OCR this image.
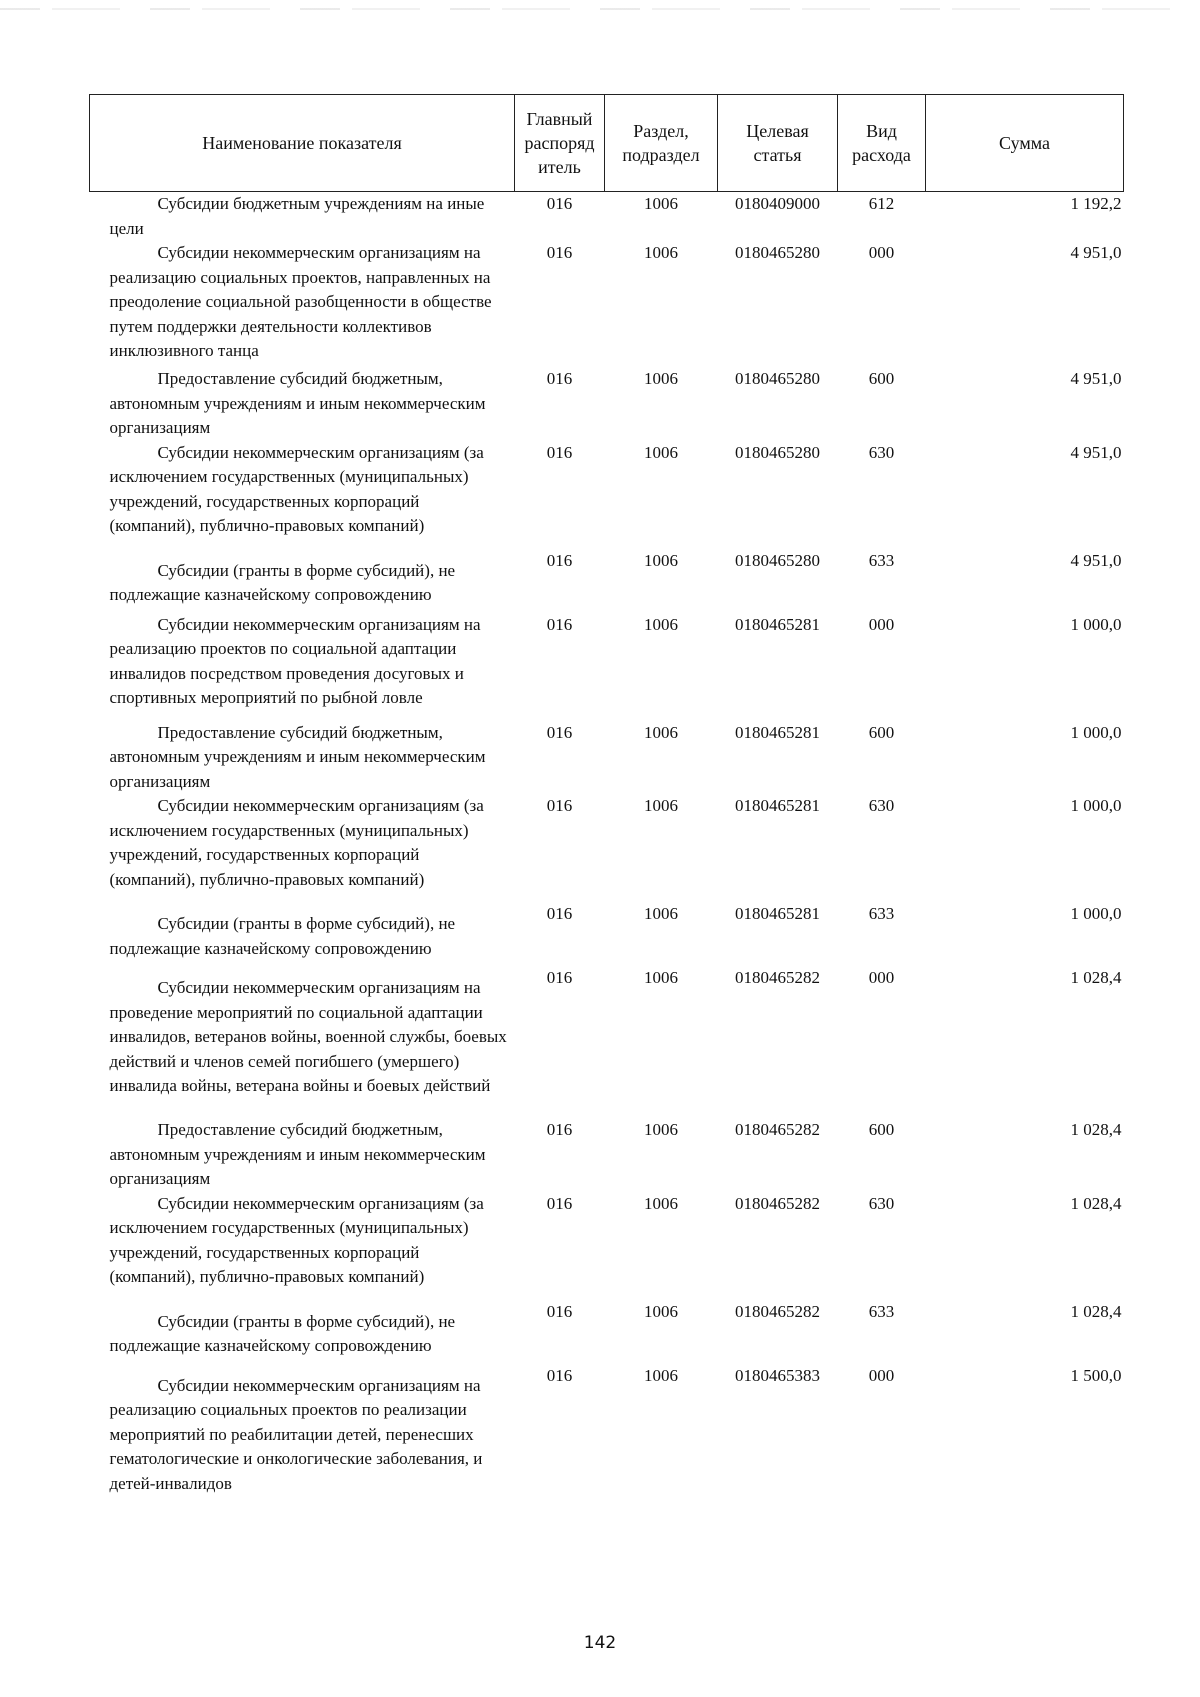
Наименование показателя	Главный распоряд итель	Раздел, подраздел	Целевая статья	Вид расхода	Сумма
Субсидии бюджетным учреждениям на иные цели	016	1006	0180409000	612	1 192,2
Субсидии некоммерческим организациям на реализацию социальных проектов, направленных на преодоление социальной разобщенности в обществе путем поддержки деятельности коллективов инклюзивного танца	016	1006	0180465280	000	4 951,0
Предоставление субсидий бюджетным, автономным учреждениям и иным некоммерческим организациям	016	1006	0180465280	600	4 951,0
Субсидии некоммерческим организациям (за исключением государственных (муниципальных) учреждений, государственных корпораций (компаний), публично-правовых компаний)	016	1006	0180465280	630	4 951,0
Субсидии (гранты в форме субсидий), не подлежащие казначейскому сопровождению	016	1006	0180465280	633	4 951,0
Субсидии некоммерческим организациям на реализацию проектов по социальной адаптации инвалидов посредством проведения досуговых и спортивных мероприятий по рыбной ловле	016	1006	0180465281	000	1 000,0
Предоставление субсидий бюджетным, автономным учреждениям и иным некоммерческим организациям	016	1006	0180465281	600	1 000,0
Субсидии некоммерческим организациям (за исключением государственных (муниципальных) учреждений, государственных корпораций (компаний), публично-правовых компаний)	016	1006	0180465281	630	1 000,0
Субсидии (гранты в форме субсидий), не подлежащие казначейскому сопровождению	016	1006	0180465281	633	1 000,0
Субсидии некоммерческим организациям на проведение мероприятий по социальной адаптации инвалидов, ветеранов войны, военной службы, боевых действий и членов семей погибшего (умершего) инвалида войны, ветерана войны и боевых действий	016	1006	0180465282	000	1 028,4
Предоставление субсидий бюджетным, автономным учреждениям и иным некоммерческим организациям	016	1006	0180465282	600	1 028,4
Субсидии некоммерческим организациям (за исключением государственных (муниципальных) учреждений, государственных корпораций (компаний), публично-правовых компаний)	016	1006	0180465282	630	1 028,4
Субсидии (гранты в форме субсидий), не подлежащие казначейскому сопровождению	016	1006	0180465282	633	1 028,4
Субсидии некоммерческим организациям на реализацию социальных проектов по реализации мероприятий по реабилитации детей, перенесших гематологические и онкологические заболевания, и детей-инвалидов	016	1006	0180465383	000	1 500,0
142
